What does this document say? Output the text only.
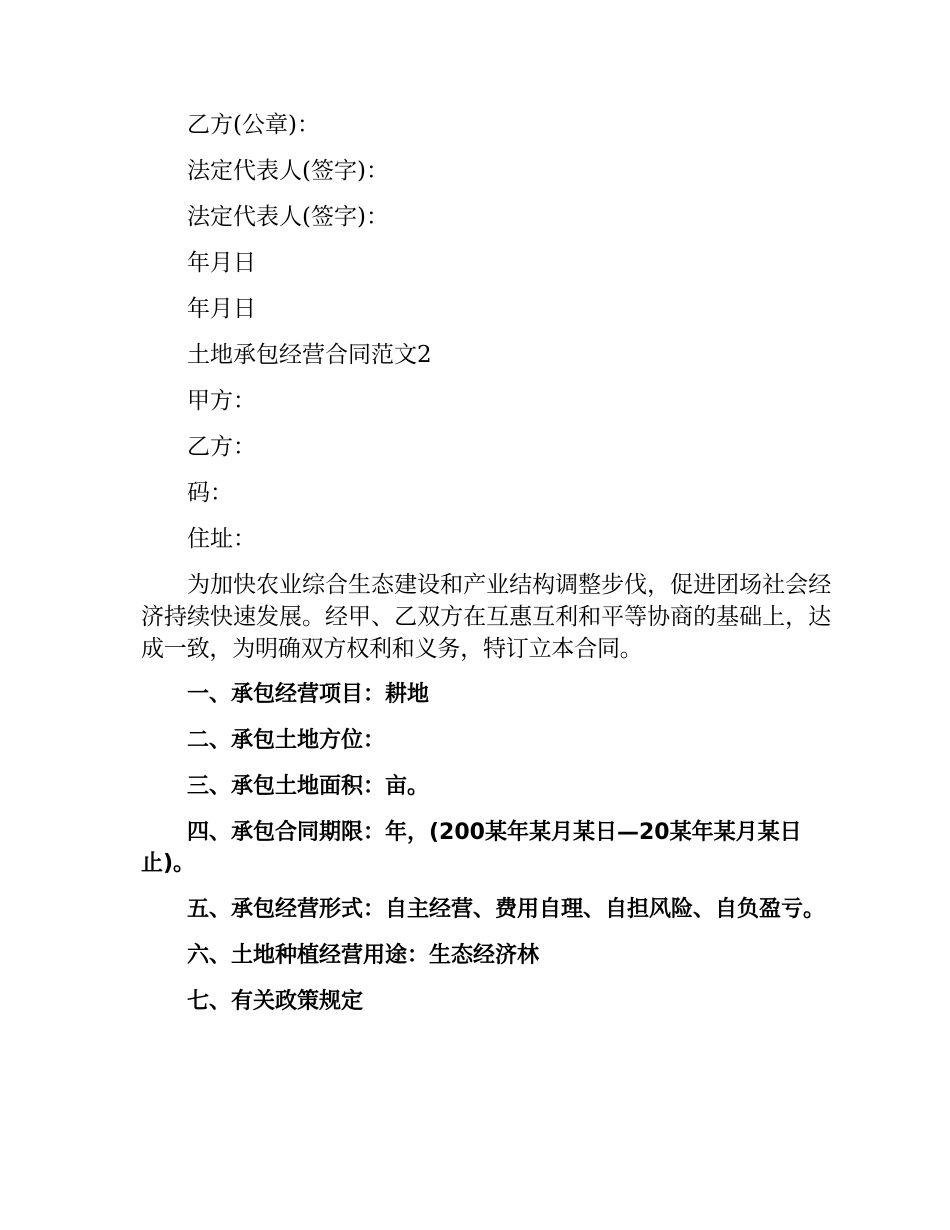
乙方(公章)：

法定代表人(签字)：

法定代表人(签字)：

年月日

年月日

土地承包经营合同范文2

甲方：

乙方：

码：

住址：

为加快农业综合生态建设和产业结构调整步伐，促进团场社会经济持续快速发展。经甲、乙双方在互惠互利和平等协商的基础上，达成一致，为明确双方权利和义务，特订立本合同。

一、承包经营项目：耕地

二、承包土地方位：

三、承包土地面积：亩。

四、承包合同期限：年，(200某年某月某日—20某年某月某日止)。

五、承包经营形式：自主经营、费用自理、自担风险、自负盈亏。

六、土地种植经营用途：生态经济林

七、有关政策规定
